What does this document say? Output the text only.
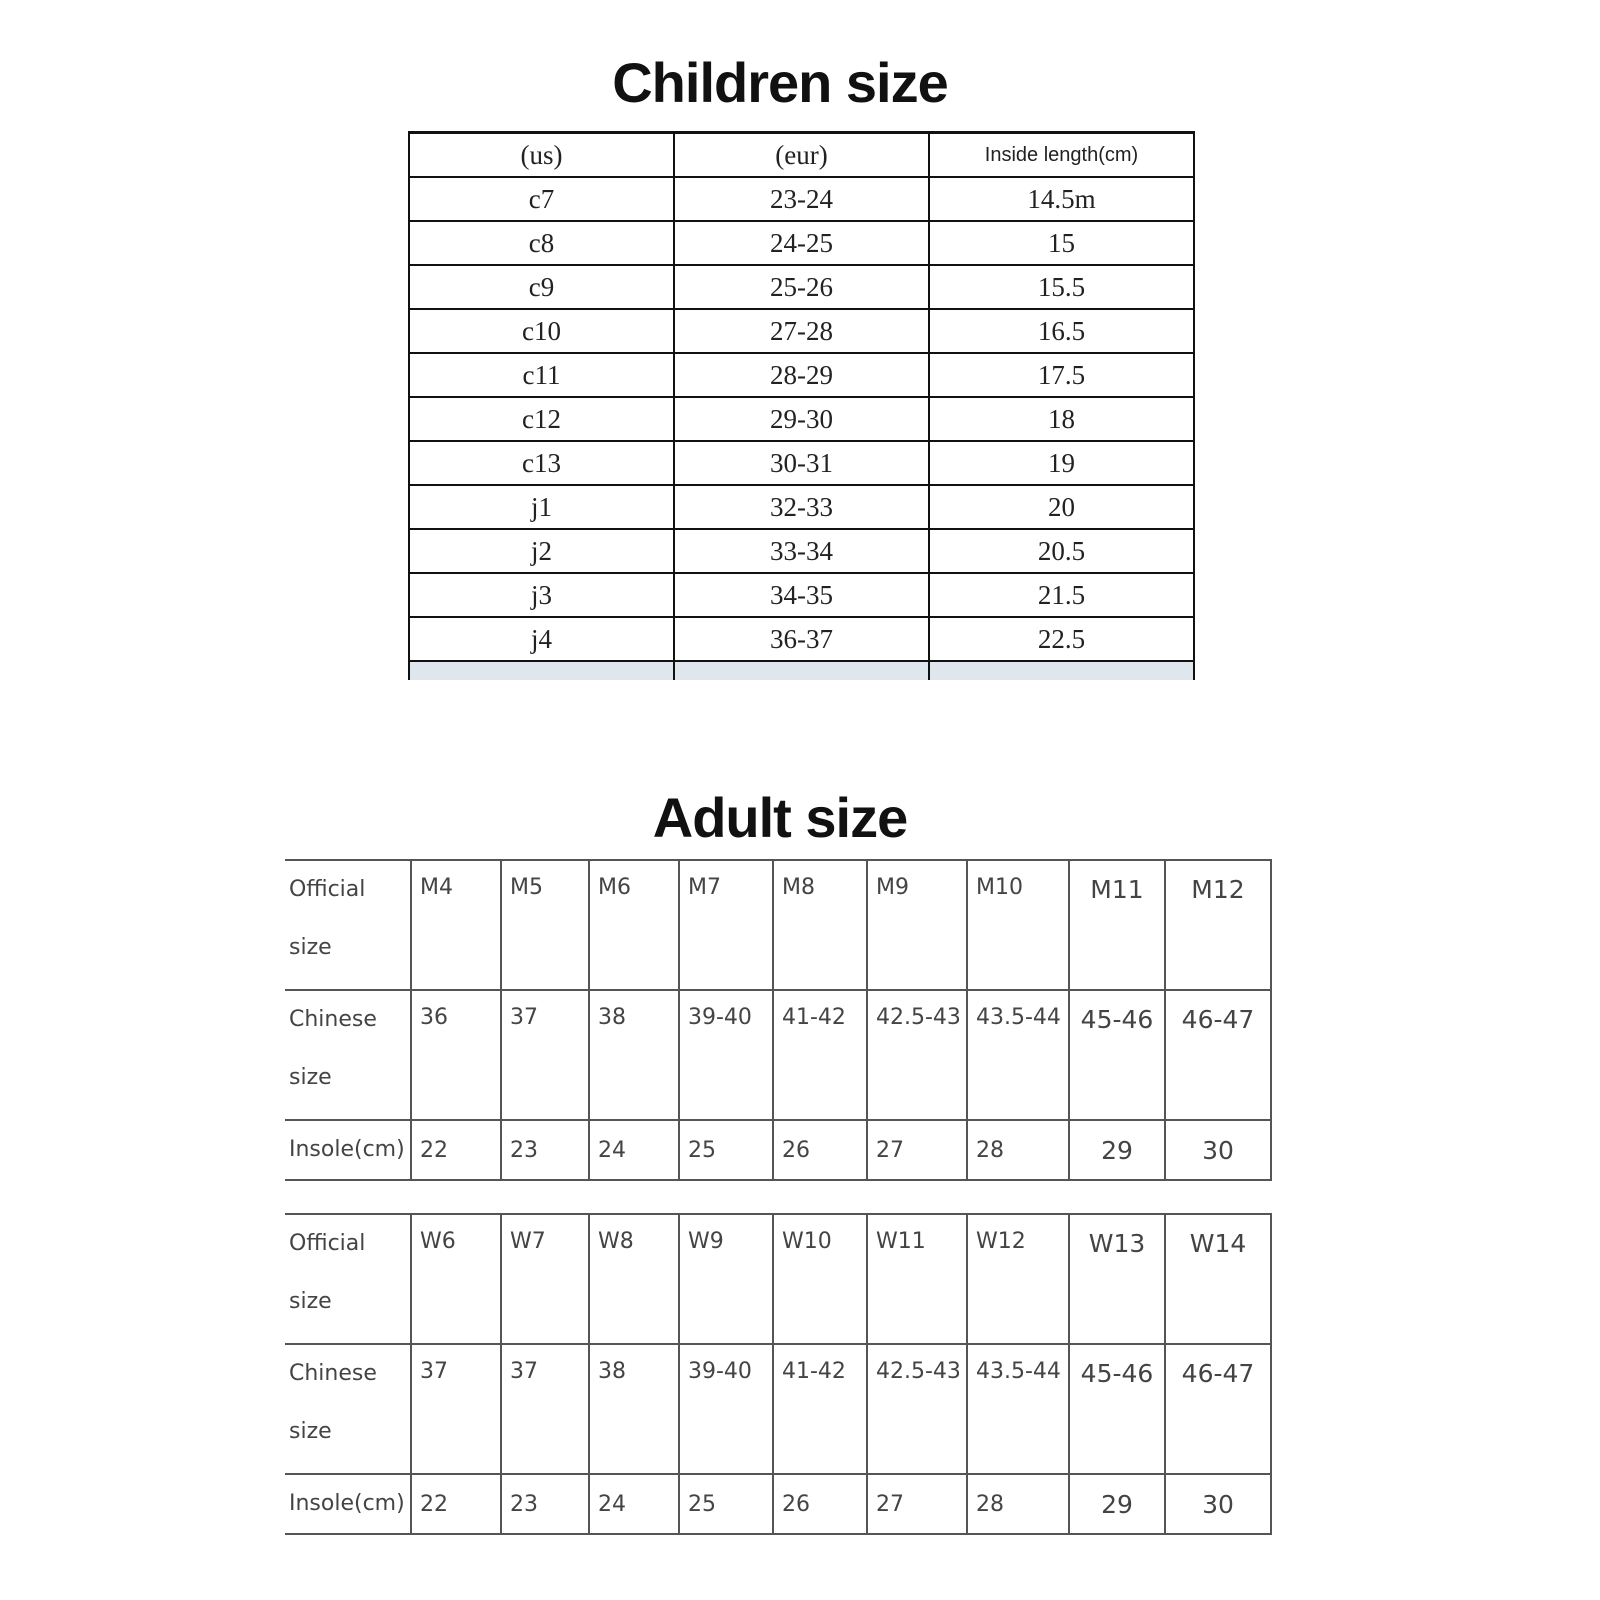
Children size
(us)	(eur)	Inside length(cm)
c7	23-24	14.5m
c8	24-25	15
c9	25-26	15.5
c10	27-28	16.5
c11	28-29	17.5
c12	29-30	18
c13	30-31	19
j1	32-33	20
j2	33-34	20.5
j3	34-35	21.5
j4	36-37	22.5

Adult size
Official
size	M4	M5	M6	M7	M8	M9	M10	M11	M12

Chinese
size	36	37	38	39-40	41-42	42.5-43	43.5-44	45-46	46-47
Insole(cm)	22	23	24	25	26	27	28	29	30
Official
size	W6	W7	W8	W9	W10	W11	W12	W13	W14

Chinese
size	37	37	38	39-40	41-42	42.5-43	43.5-44	45-46	46-47
Insole(cm)	22	23	24	25	26	27	28	29	30
